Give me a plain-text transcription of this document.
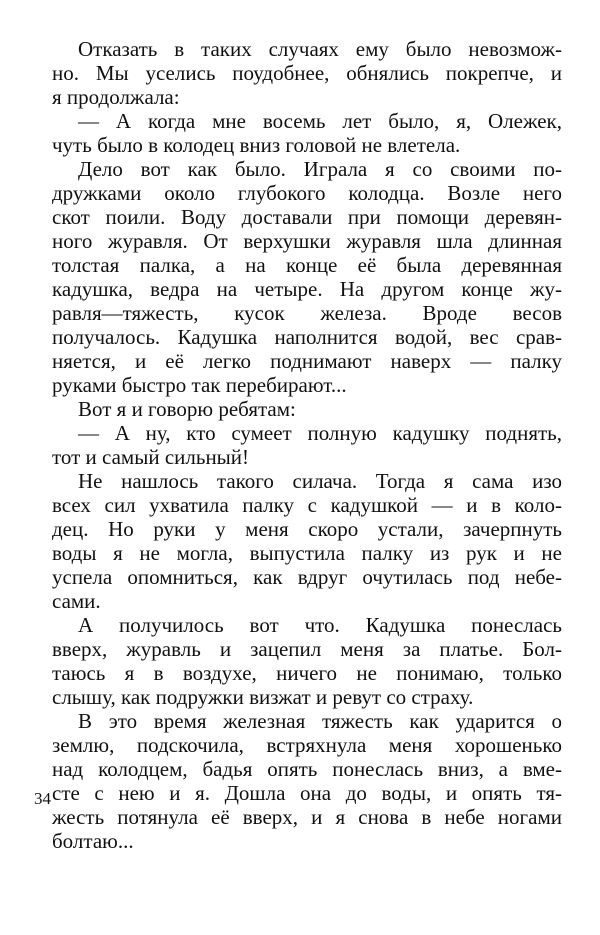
Отказать в таких случаях ему было невозмож-
но. Мы уселись поудобнее, обнялись покрепче, и
я продолжала:

— А когда мне восемь лет было, я, Олежек,
чуть было в колодец вниз головой не влетела.

Дело вот как было. Играла я со своими по-
дружками около глубокого колодца. Возле него
скот поили. Воду доставали при помощи деревян-
ного журавля. От верхушки журавля шла длинная
толстая палка, а на конце её была деревянная
кадушка, ведра на четыре. На другом конце жу-
равля—тяжесть, кусок железа. Вроде весов
получалось. Кадушка наполнится водой, вес срав-
няется, и её легко поднимают наверх — палку
руками быстро так перебирают...

Вот я и говорю ребятам:

— А ну, кто сумеет полную кадушку поднять,
тот и самый сильный!

Не нашлось такого силача. Тогда я сама изо
всех сил ухватила палку с кадушкой — и в коло-
дец. Но руки у меня скоро устали, зачерпнуть
воды я не могла, выпустила палку из рук и не
успела опомниться, как вдруг очутилась под небе-
сами.

А получилось вот что. Кадушка понеслась
вверх, журавль и зацепил меня за платье. Бол-
таюсь я в воздухе, ничего не понимаю, только
слышу, как подружки визжат и ревут со страху.

В это время железная тяжесть как ударится о
землю, подскочила, встряхнула меня хорошенько
над колодцем, бадья опять понеслась вниз, а вме-
сте с нею и я. Дошла она до воды, и опять тя-
жесть потянула её вверх, и я снова в небе ногами
болтаю...

34
